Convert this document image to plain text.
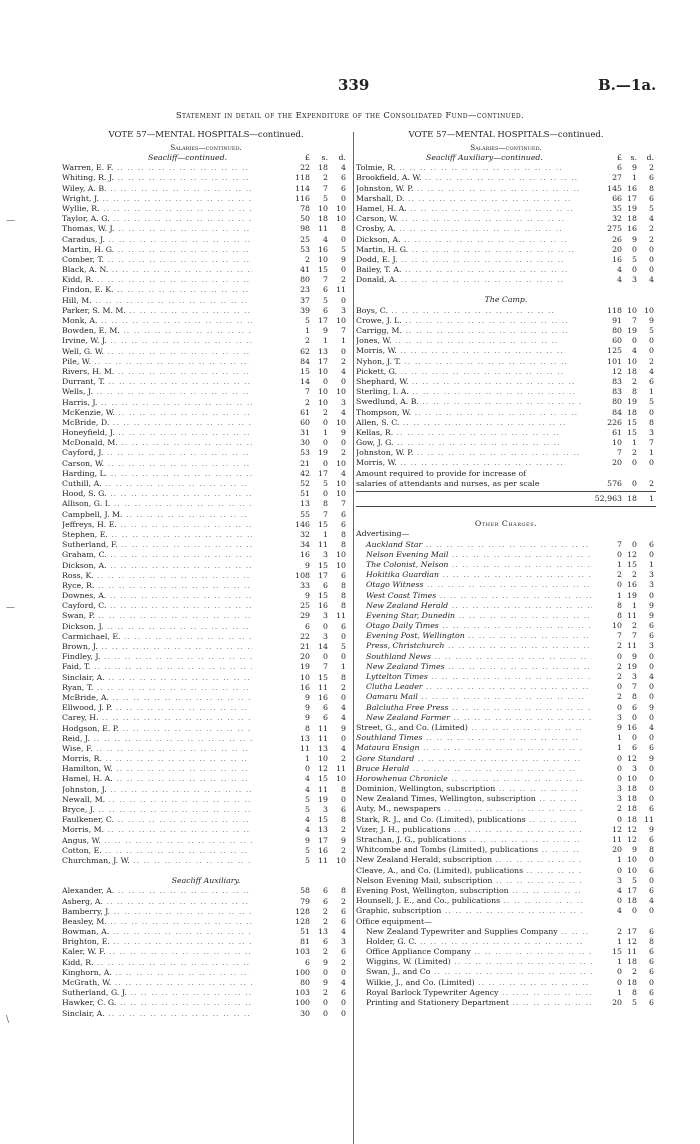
339	B.—1a.
Statement in detail of the Expenditure of the Consolidated Fund—continued.
VOTE 57—MENTAL HOSPITALS—continued.
Salaries—continued.
Seacliff—continued.	£	s.	d.
Warren, E. F. .. ..	22	18	4
Whiting, R. J. .. ..	118	2	6
Wiley, A. B. .. ..	114	7	6
Wright, J. .. ..	116	5	0
Wyllie, R. .. ..	78	10	10
Taylor, A. G. .. ..	50	18	10
Thomas, W. J. .. ..	98	11	8
Caradus, J. .. ..	25	4	0
Martin, H. G. .. ..	53	16	5
Comber, T. .. ..	2	10	9
Black, A. N. .. ..	41	15	0
Kidd, R. .. ..	80	7	2
Findon, E. K. .. ..	23	6	11
Hill, M. .. ..	37	5	0
Parker, S. M. M. .. ..	39	6	3
Monk, A. .. ..	5	17	10
Bowden, E. M. .. ..	1	9	7
Irvine, W. J. .. ..	2	1	1
Well, G. W. .. ..	62	13	0
Pile, W. .. ..	84	17	2
Rivers, H. M. .. ..	15	10	4
Durrant, T. .. ..	14	0	0
Wells, J. .. ..	7	10	10
Harris, J. .. ..	2	10	3
McKenzie, W. .. ..	61	2	4
McBride, D. .. ..	60	0	10
Honeyfield, J. .. ..	31	1	9
McDonald, M. .. ..	30	0	0
Cayford, J. .. ..	53	19	2
Carson, W. .. ..	21	0	10
Harding, L. .. ..	42	17	4
Cuthill, A. .. ..	52	5	10
Hood, S. G. .. ..	51	0	10
Allison, G. I. .. ..	13	8	7
Campbell, J. M. .. ..	55	7	6
Jeffreys, H. E. .. ..	146	15	6
Stephen, E. .. ..	32	1	8
Sutherland, F. .. ..	34	11	8
Graham, C. .. ..	16	3	10
Dickson, A. .. ..	9	15	10
Ross, K. .. ..	108	17	6
Ryce, R. .. ..	33	6	8
Downes, A. .. ..	9	15	8
Cayford, C. .. ..	25	16	8
Swan, P. .. ..	29	3	11
Dickson, J. .. ..	6	0	6
Carmichael, E. .. ..	22	3	0
Brown, J. .. ..	21	14	5
Findley, J. .. ..	20	0	0
Faid, T. .. ..	19	7	1
Sinclair, A. .. ..	10	15	8
Ryan, T. .. ..	16	11	2
McBride, A. .. ..	9	16	0
Ellwood, J. P. .. ..	9	6	4
Carey, H. .. ..	9	6	4
Hodgson, E. P. .. ..	8	11	9
Reid, J. .. ..	13	11	0
Wise, F. .. ..	11	13	4
Morris, R. .. ..	1	10	2
Hamilton, W. .. ..	0	12	11
Hamel, H. A. .. ..	4	15	10
Johnston, J. .. ..	4	11	8
Newall, M. .. ..	5	19	0
Bryce, J. .. ..	5	3	6
Faulkener, C. .. ..	4	15	8
Morris, M. .. ..	4	13	2
Angus, W. .. ..	9	17	9
Cotton, E. .. ..	5	16	2
Churchman, J. W. .. ..	5	11	10
Seacliff Auxiliary.
Alexander, A. .. ..	58	6	8
Asberg, A. .. ..	79	6	2
Bamberry, J. .. ..	128	2	6
Beasley, M. .. ..	128	2	6
Bowman, A. .. ..	51	13	4
Brighton, E. .. ..	81	6	3
Kaler, W. F. .. ..	103	2	6
Kidd, R. .. ..	6	9	2
Kinghorn, A. .. ..	100	0	0
McGrath, W. .. ..	80	9	4
Sutherland, G. J. .. ..	103	2	6
Hawker, C. G. .. ..	100	0	0
Sinclair, A. .. ..	30	0	0
VOTE 57—MENTAL HOSPITALS—continued.
Salaries—continued.
Seacliff Auxiliary—continued.	£	s.	d.
Tolmie, R. .. ..	6	9	2
Brookfield, A. W. .. ..	27	1	6
Johnston, W. P. .. ..	145 16	8
Marshall, D. .. ..	66 17	6
Hamel, H. A. .. ..	35 19	5
Carson, W. .. ..	32 18	4
Crosby, A. .. ..	275 16	2
Dickson, A. .. ..	26	9	2
Martin, H. G. .. ..	20	0	0
Dodd, E. J. .. ..	16	5	0
Bailey, T. A. .. ..	4	0	0
Donald, A. .. ..	4	3	4
The Camp.
Boys, C. .. ..	118 10 10
Crowe, J. L. .. ..	91	7	9
Carrigg, M. .. ..	80 19	5
Jones, W. .. ..	60	0	0
Morris, W. .. ..	125	4	0
Nyhon, J. T. .. ..	101 10	2
Pickett, G. .. ..	12 18	4
Shephard, W. .. ..	83	2	6
Sterling, I. A. .. ..	83	8	1
Swedlund, A. B. .. ..	80 19	5
Thompson, W. .. ..	84 18	0
Allen, S. C. .. ..	226 15	8
Kellas, R. .. ..	61 15	3
Gow, J. G. .. ..	10	1	7
Johnston, W. P. .. ..	7	2	1
Morris, W. .. ..	20	0	0
Amount required to provide for increase of
salaries of attendants and nurses, as per scale	576	0	2
52,963 18	1
Other Charges.
Advertising—
Auckland Star .. ..	7	0	6
Nelson Evening Mail .. ..	0 12	0
The Colonist, Nelson .. ..	1 15	1
Hokitika Guardian .. ..	2	2	3
Otago Witness .. ..	0 16	3
West Coast Times .. ..	1 19	0
New Zealand Herald .. ..	8	1	9
Evening Star, Dunedin .. ..	8 11	9
Otago Daily Times .. ..	10	2	6
Evening Post, Wellington .. ..	7	7	6
Press, Christchurch .. ..	2 11	3
Southland News .. ..	0	9	0
New Zealand Times .. ..	2 19	0
Lyttelton Times .. ..	2	3	4
Clutha Leader .. ..	0	7	0
Oamaru Mail .. ..	2	8	0
Balclutha Free Press .. ..	0	6	9
New Zealand Farmer .. ..	3	0	0
Street, G., and Co. (Limited) .. ..	9 16	4
Southland Times .. ..	1	0	0
Mataura Ensign .. ..	1	6	6
Gore Standard .. ..	0 12	9
Bruce Herald .. ..	0	3	0
Horowhenua Chronicle .. ..	0 10	0
Dominion, Wellington, subscription .. ..	3 18	0
New Zealand Times, Wellington, subscription .. ..	3 18	0
Auty, M., newspapers .. ..	2 18	6
Stark, R. J., and Co. (Limited), publications .. ..	0 18 11
Vizer, J. H., publications .. ..	12 12	9
Strachan, J. G., publications .. ..	11 12	6
Whitcombe and Tombs (Limited), publications .. ..	20	9	8
New Zealand Herald, subscription .. ..	1 10	0
Cleave, A., and Co. (Limited), publications .. ..	0 10	6
Nelson Evening Mail, subscription .. ..	3	5	0
Evening Post, Wellington, subscription .. ..	4 17	6
Hounsell, J. E., and Co., publications .. ..	0 18	4
Graphic, subscription .. ..	4	0	0
Office equipment—
New Zealand Typewriter and Supplies Company .. ..	2 17	6
Holder, G. C. .. ..	1 12	8
Office Appliance Company .. ..	15 11	6
Wiggins, W. (Limited) .. ..	1 18	6
Swan, J., and Co .. ..	0	2	6
Wilkie, J., and Co. (Limited) .. ..	0 18	0
Royal Barlock Typewriter Agency .. ..	1	8	6
Printing and Stationery Department .. ..	20	5	6
—
—
\
